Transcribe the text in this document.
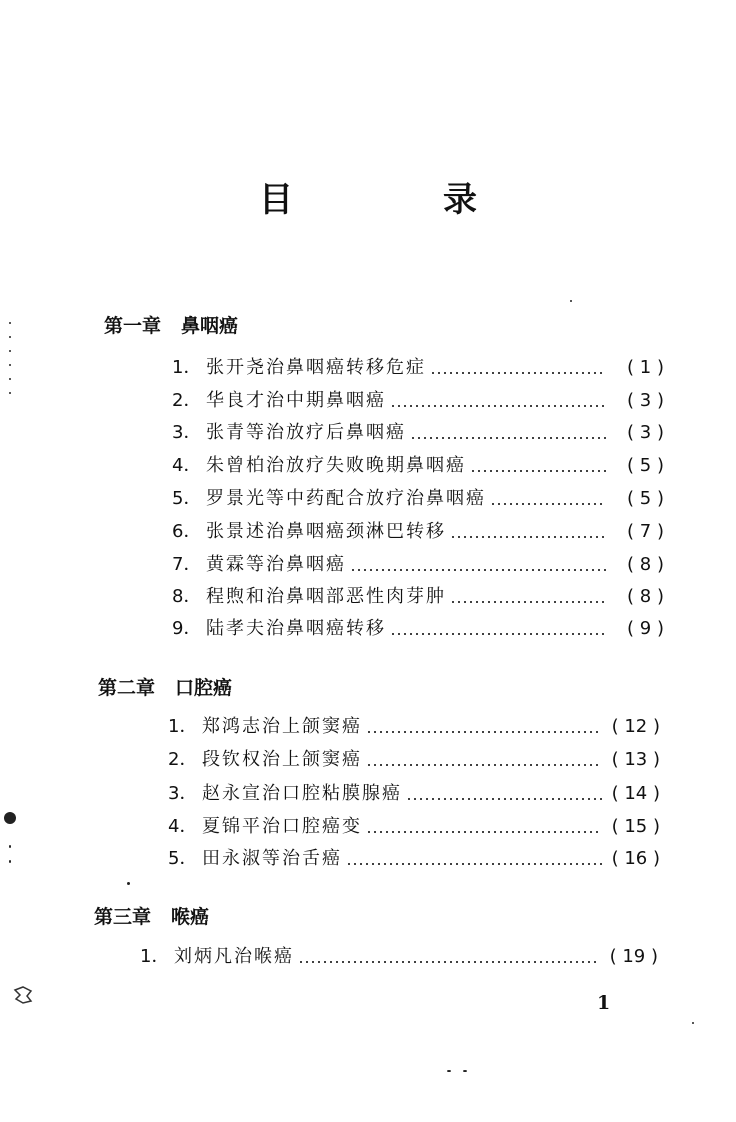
目　录
第一章 鼻咽癌
1． 张开尧治鼻咽癌转移危症	( 1 )
2． 华良才治中期鼻咽癌	( 3 )
3． 张青等治放疗后鼻咽癌	( 3 )
4． 朱曾柏治放疗失败晚期鼻咽癌	( 5 )
5． 罗景光等中药配合放疗治鼻咽癌	( 5 )
6． 张景述治鼻咽癌颈淋巴转移	( 7 )
7． 黄霖等治鼻咽癌	( 8 )
8． 程煦和治鼻咽部恶性肉芽肿	( 8 )
9． 陆孝夫治鼻咽癌转移	( 9 )
第二章 口腔癌
1． 郑鸿志治上颌窦癌	( 12 )
2． 段钦权治上颌窦癌	( 13 )
3． 赵永宣治口腔粘膜腺癌	( 14 )
4． 夏锦平治口腔癌变	( 15 )
5． 田永淑等治舌癌	( 16 )
第三章 喉癌
1． 刘炳凡治喉癌	( 19 )
1
